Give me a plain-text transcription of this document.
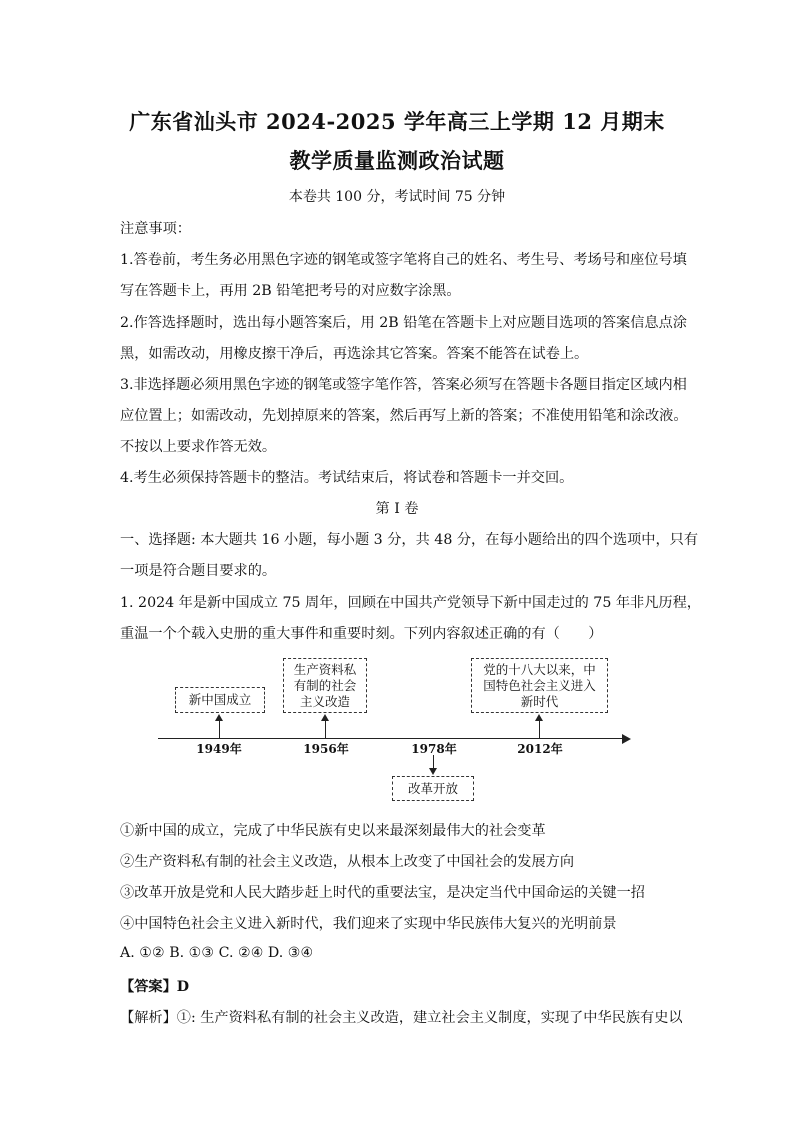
广东省汕头市 2024-2025 学年高三上学期 12 月期末
教学质量监测政治试题
本卷共 100 分，考试时间 75 分钟
注意事项：
1.答卷前，考生务必用黑色字迹的钢笔或签字笔将自己的姓名、考生号、考场号和座位号填
写在答题卡上，再用 2B 铅笔把考号的对应数字涂黑。
2.作答选择题时，选出每小题答案后，用 2B 铅笔在答题卡上对应题目选项的答案信息点涂
黑，如需改动，用橡皮擦干净后，再选涂其它答案。答案不能答在试卷上。
3.非选择题必须用黑色字迹的钢笔或签字笔作答，答案必须写在答题卡各题目指定区域内相
应位置上；如需改动，先划掉原来的答案，然后再写上新的答案；不准使用铅笔和涂改液。
不按以上要求作答无效。
4.考生必须保持答题卡的整洁。考试结束后，将试卷和答题卡一并交回。
第 I 卷
一、选择题: 本大题共 16 小题，每小题 3 分，共 48 分，在每小题给出的四个选项中，只有
一项是符合题目要求的。
1. 2024 年是新中国成立 75 周年，回顾在中国共产党领导下新中国走过的 75 年非凡历程，
重温一个个载入史册的重大事件和重要时刻。下列内容叙述正确的有（　　）
新中国成立
1949年
生产资料私
有制的社会
主义改造
1956年	1978年
改革开放
党的十八大以来，中
国特色社会主义进入
新时代
2012年
①新中国的成立，完成了中华民族有史以来最深刻最伟大的社会变革
②生产资料私有制的社会主义改造，从根本上改变了中国社会的发展方向
③改革开放是党和人民大踏步赶上时代的重要法宝，是决定当代中国命运的关键一招
④中国特色社会主义进入新时代，我们迎来了实现中华民族伟大复兴的光明前景
A. ①② B. ①③ C. ②④ D. ③④
【答案】D
【解析】①: 生产资料私有制的社会主义改造，建立社会主义制度，实现了中华民族有史以
